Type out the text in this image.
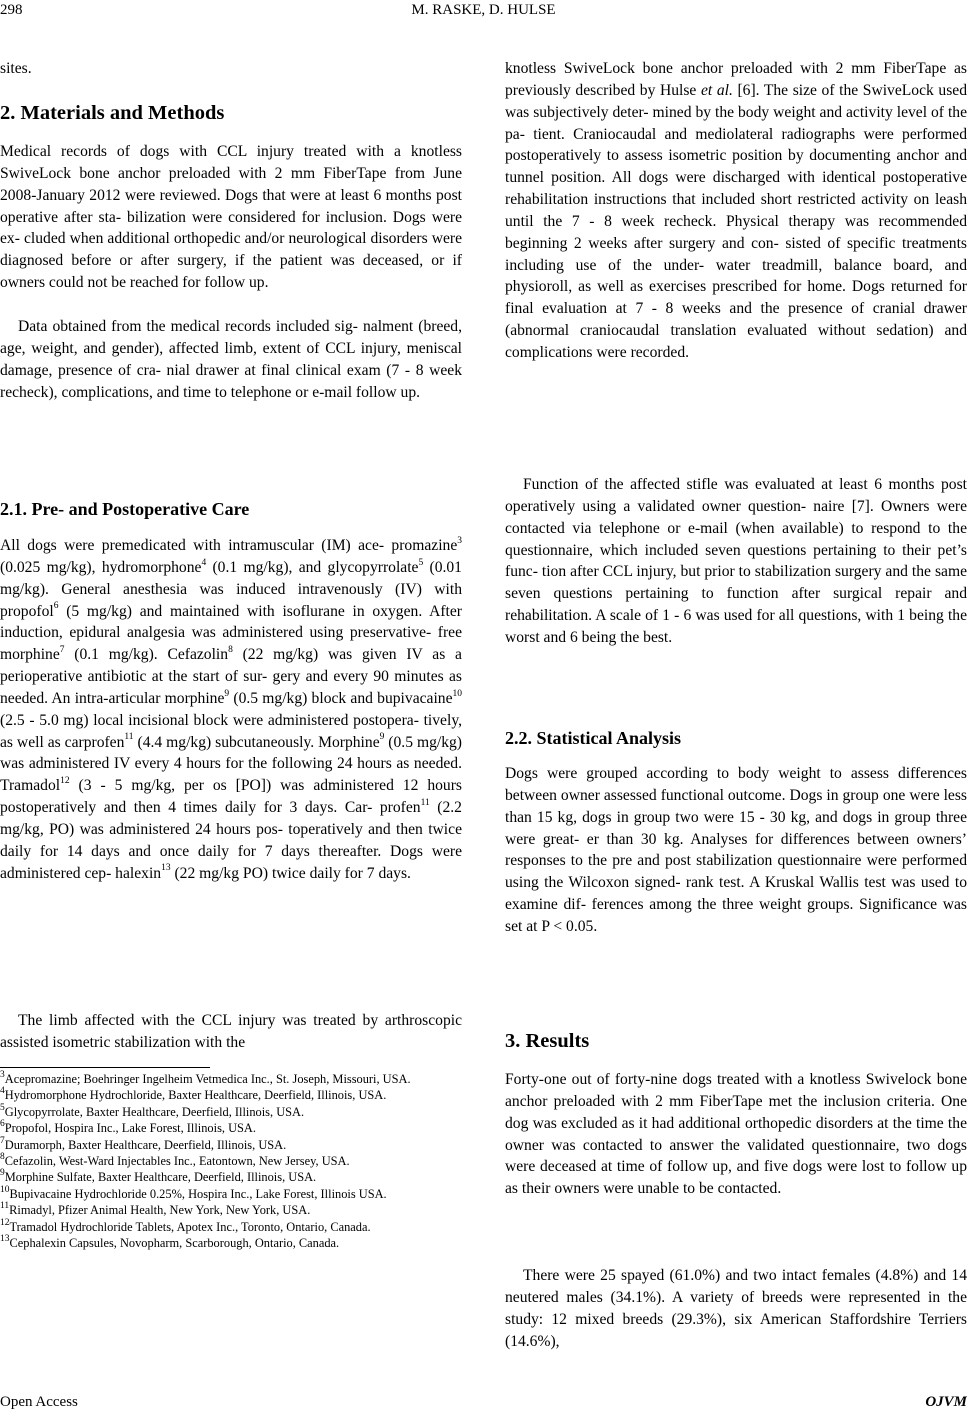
298	M. RASKE, D. HULSE

sites.

2. Materials and Methods

Medical records of dogs with CCL injury treated with a knotless SwiveLock bone anchor preloaded with 2 mm FiberTape from June 2008-January 2012 were reviewed. Dogs that were at least 6 months post operative after sta- bilization were considered for inclusion. Dogs were ex- cluded when additional orthopedic and/or neurological disorders were diagnosed before or after surgery, if the patient was deceased, or if owners could not be reached for follow up.

Data obtained from the medical records included sig- nalment (breed, age, weight, and gender), affected limb, extent of CCL injury, meniscal damage, presence of cra- nial drawer at final clinical exam (7 - 8 week recheck), complications, and time to telephone or e-mail follow up.

2.1. Pre- and Postoperative Care

All dogs were premedicated with intramuscular (IM) ace- promazine$^3$ (0.025 mg/kg), hydromorphone$^4$ (0.1 mg/kg), and glycopyrrolate$^5$ (0.01 mg/kg). General anesthesia was induced intravenously (IV) with propofol$^6$ (5 mg/kg) and maintained with isoflurane in oxygen. After induction, epidural analgesia was administered using preservative- free morphine$^7$ (0.1 mg/kg). Cefazolin$^8$ (22 mg/kg) was given IV as a perioperative antibiotic at the start of sur- gery and every 90 minutes as needed. An intra-articular morphine$^9$ (0.5 mg/kg) block and bupivacaine$^{10}$ (2.5 - 5.0 mg) local incisional block were administered postopera- tively, as well as carprofen$^{11}$ (4.4 mg/kg) subcutaneously. Morphine$^9$ (0.5 mg/kg) was administered IV every 4 hours for the following 24 hours as needed. Tramadol$^{12}$ (3 - 5 mg/kg, per os [PO]) was administered 12 hours postoperatively and then 4 times daily for 3 days. Car- profen$^{11}$ (2.2 mg/kg, PO) was administered 24 hours pos- toperatively and then twice daily for 14 days and once daily for 7 days thereafter. Dogs were administered cep- halexin$^{13}$ (22 mg/kg PO) twice daily for 7 days.

The limb affected with the CCL injury was treated by arthroscopic assisted isometric stabilization with the

$^3$Acepromazine; Boehringer Ingelheim Vetmedica Inc., St. Joseph, Missouri, USA.

$^4$Hydromorphone Hydrochloride, Baxter Healthcare, Deerfield, Illinois, USA.

$^5$Glycopyrrolate, Baxter Healthcare, Deerfield, Illinois, USA.

$^6$Propofol, Hospira Inc., Lake Forest, Illinois, USA.

$^7$Duramorph, Baxter Healthcare, Deerfield, Illinois, USA.

$^8$Cefazolin, West-Ward Injectables Inc., Eatontown, New Jersey, USA.

$^9$Morphine Sulfate, Baxter Healthcare, Deerfield, Illinois, USA.

$^{10}$Bupivacaine Hydrochloride 0.25%, Hospira Inc., Lake Forest, Illinois USA.

$^{11}$Rimadyl, Pfizer Animal Health, New York, New York, USA.

$^{12}$Tramadol Hydrochloride Tablets, Apotex Inc., Toronto, Ontario, Canada.

$^{13}$Cephalexin Capsules, Novopharm, Scarborough, Ontario, Canada.

knotless SwiveLock bone anchor preloaded with 2 mm FiberTape as previously described by Hulse et al. [6]. The size of the SwiveLock used was subjectively deter- mined by the body weight and activity level of the pa- tient. Craniocaudal and mediolateral radiographs were performed postoperatively to assess isometric position by documenting anchor and tunnel position. All dogs were discharged with identical postoperative rehabilitation instructions that included short restricted activity on leash until the 7 - 8 week recheck. Physical therapy was recommended beginning 2 weeks after surgery and con- sisted of specific treatments including use of the under- water treadmill, balance board, and physioroll, as well as exercises prescribed for home. Dogs returned for final evaluation at 7 - 8 weeks and the presence of cranial drawer (abnormal craniocaudal translation evaluated without sedation) and complications were recorded.

Function of the affected stifle was evaluated at least 6 months post operatively using a validated owner question- naire [7]. Owners were contacted via telephone or e-mail (when available) to respond to the questionnaire, which included seven questions pertaining to their pet’s func- tion after CCL injury, but prior to stabilization surgery and the same seven questions pertaining to function after surgical repair and rehabilitation. A scale of 1 - 6 was used for all questions, with 1 being the worst and 6 being the best.

2.2. Statistical Analysis

Dogs were grouped according to body weight to assess differences between owner assessed functional outcome. Dogs in group one were less than 15 kg, dogs in group two were 15 - 30 kg, and dogs in group three were great- er than 30 kg. Analyses for differences between owners’ responses to the pre and post stabilization questionnaire were performed using the Wilcoxon signed- rank test. A Kruskal Wallis test was used to examine dif- ferences among the three weight groups. Significance was set at P < 0.05.

3. Results

Forty-one out of forty-nine dogs treated with a knotless Swivelock bone anchor preloaded with 2 mm FiberTape met the inclusion criteria. One dog was excluded as it had additional orthopedic disorders at the time the owner was contacted to answer the validated questionnaire, two dogs were deceased at time of follow up, and five dogs were lost to follow up as their owners were unable to be contacted.

There were 25 spayed (61.0%) and two intact females (4.8%) and 14 neutered males (34.1%). A variety of breeds were represented in the study: 12 mixed breeds (29.3%), six American Staffordshire Terriers (14.6%),

Open Access	OJVM
